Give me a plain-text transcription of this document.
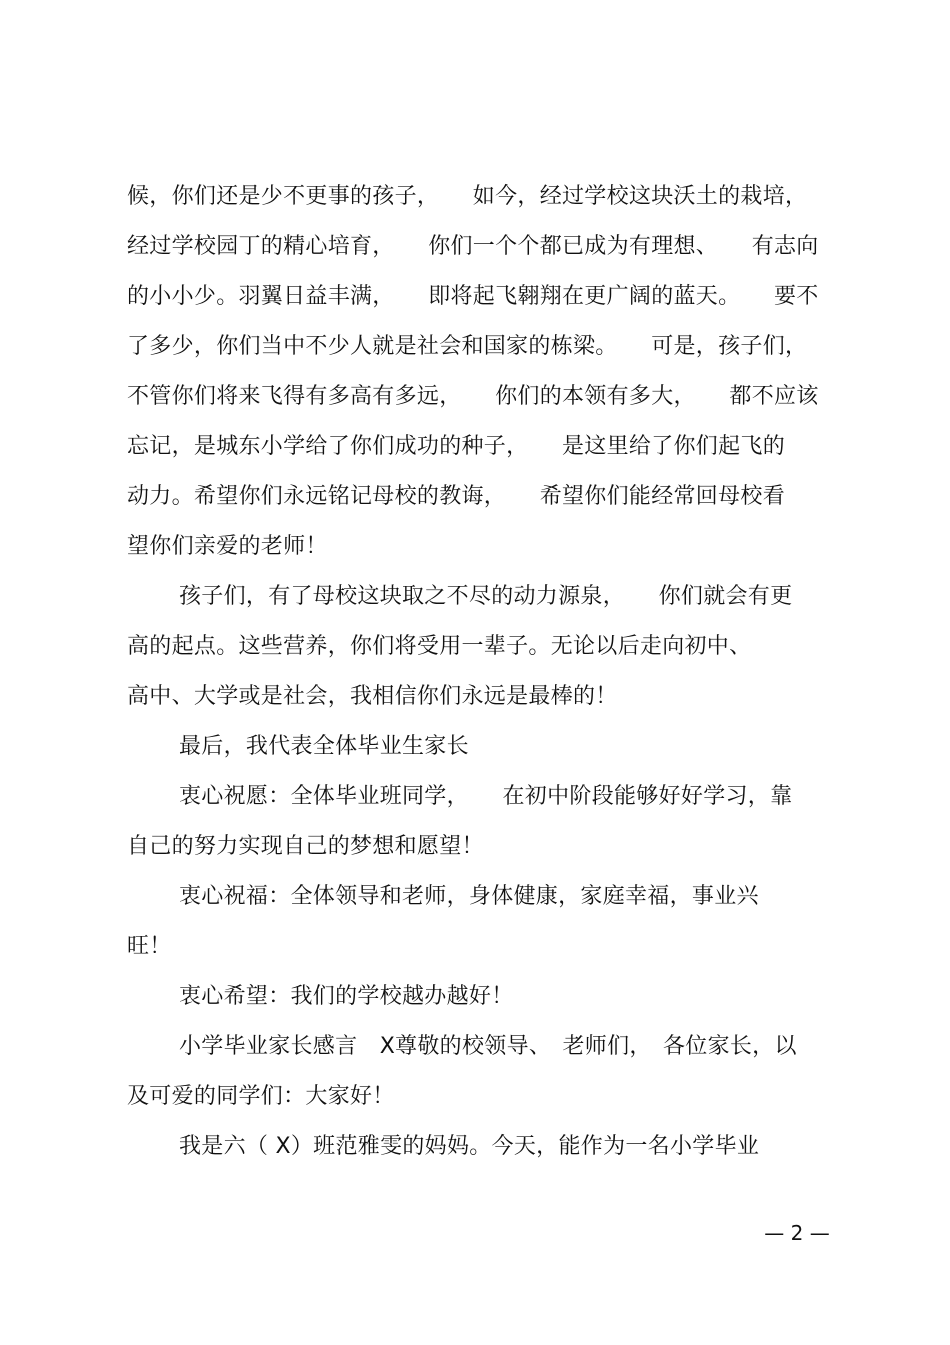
候，你们还是少不更事的孩子，　　如今，经过学校这块沃土的栽培，
经过学校园丁的精心培育，　　你们一个个都已成为有理想、　　有志向
的小小少。羽翼日益丰满，　　即将起飞翱翔在更广阔的蓝天。　　要不
了多少，你们当中不少人就是社会和国家的栋梁。　　可是，孩子们，
不管你们将来飞得有多高有多远，　　你们的本领有多大，　　都不应该
忘记，是城东小学给了你们成功的种子，　　是这里给了你们起飞的
动力。希望你们永远铭记母校的教诲，　　希望你们能经常回母校看
望你们亲爱的老师！
孩子们，有了母校这块取之不尽的动力源泉，　　你们就会有更
高的起点。这些营养，你们将受用一辈子。无论以后走向初中、
高中、大学或是社会，我相信你们永远是最棒的！
最后，我代表全体毕业生家长
衷心祝愿：全体毕业班同学，　　在初中阶段能够好好学习，靠
自己的努力实现自己的梦想和愿望！
衷心祝福：全体领导和老师，身体健康，家庭幸福，事业兴
旺！
衷心希望：我们的学校越办越好！
小学毕业家长感言　X尊敬的校领导、　老师们，　各位家长，以
及可爱的同学们：大家好！
我是六（ X）班范雅雯的妈妈。今天，能作为一名小学毕业
— 2 —
